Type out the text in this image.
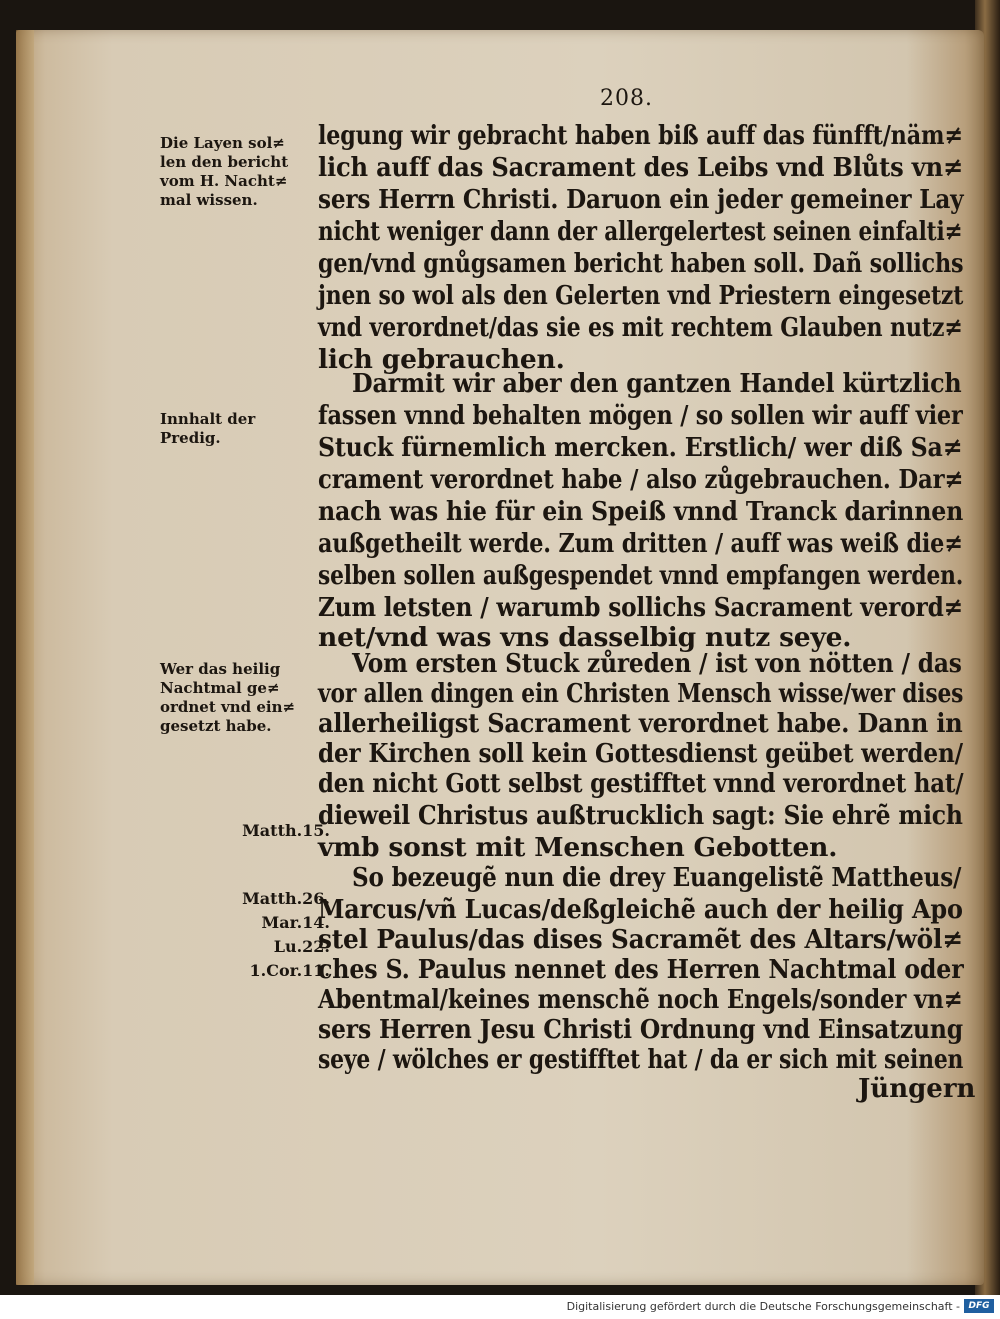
208.
Die Layen sol≠
len den bericht
vom H. Nacht≠
mal wissen.
Innhalt der
Predig.
Wer das heilig
Nachtmal ge≠
ordnet vnd ein≠
gesetzt habe.
Matth.15.
Matth.26.
Mar.14.
Lu.22.
1.Cor.11.
legung wir gebracht haben biß auff das fünfft/näm≠
lich auff das Sacrament des Leibs vnd Blůts vn≠
sers Herrn Christi. Daruon ein jeder gemeiner Lay
nicht weniger dann der allergelertest seinen einfalti≠
gen/vnd gnůgsamen bericht haben soll. Dañ sollichs
jnen so wol als den Gelerten vnd Priestern eingesetzt
vnd verordnet/das sie es mit rechtem Glauben nutz≠
lich gebrauchen.
Darmit wir aber den gantzen Handel kürtzlich
fassen vnnd behalten mögen / so sollen wir auff vier
Stuck fürnemlich mercken. Erstlich/ wer diß Sa≠
crament verordnet habe / also zůgebrauchen. Dar≠
nach was hie für ein Speiß vnnd Tranck darinnen
außgetheilt werde. Zum dritten / auff was weiß die≠
selben sollen außgespendet vnnd empfangen werden.
Zum letsten / warumb sollichs Sacrament verord≠
net/vnd was vns dasselbig nutz seye.
Vom ersten Stuck zůreden / ist von nötten / das
vor allen dingen ein Christen Mensch wisse/wer dises
allerheiligst Sacrament verordnet habe. Dann in
der Kirchen soll kein Gottesdienst geübet werden/
den nicht Gott selbst gestifftet vnnd verordnet hat/
dieweil Christus außtrucklich sagt: Sie ehrẽ mich
vmb sonst mit Menschen Gebotten.
So bezeugẽ nun die drey Euangelistẽ Mattheus/
Marcus/vñ Lucas/deßgleichẽ auch der heilig Apo
stel Paulus/das dises Sacramẽt des Altars/wöl≠
ches S. Paulus nennet des Herren Nachtmal oder
Abentmal/keines menschẽ noch Engels/sonder vn≠
sers Herren Jesu Christi Ordnung vnd Einsatzung
seye / wölches er gestifftet hat / da er sich mit seinen
Jüngern
Digitalisierung gefördert durch die Deutsche Forschungsgemeinschaft - DFG
